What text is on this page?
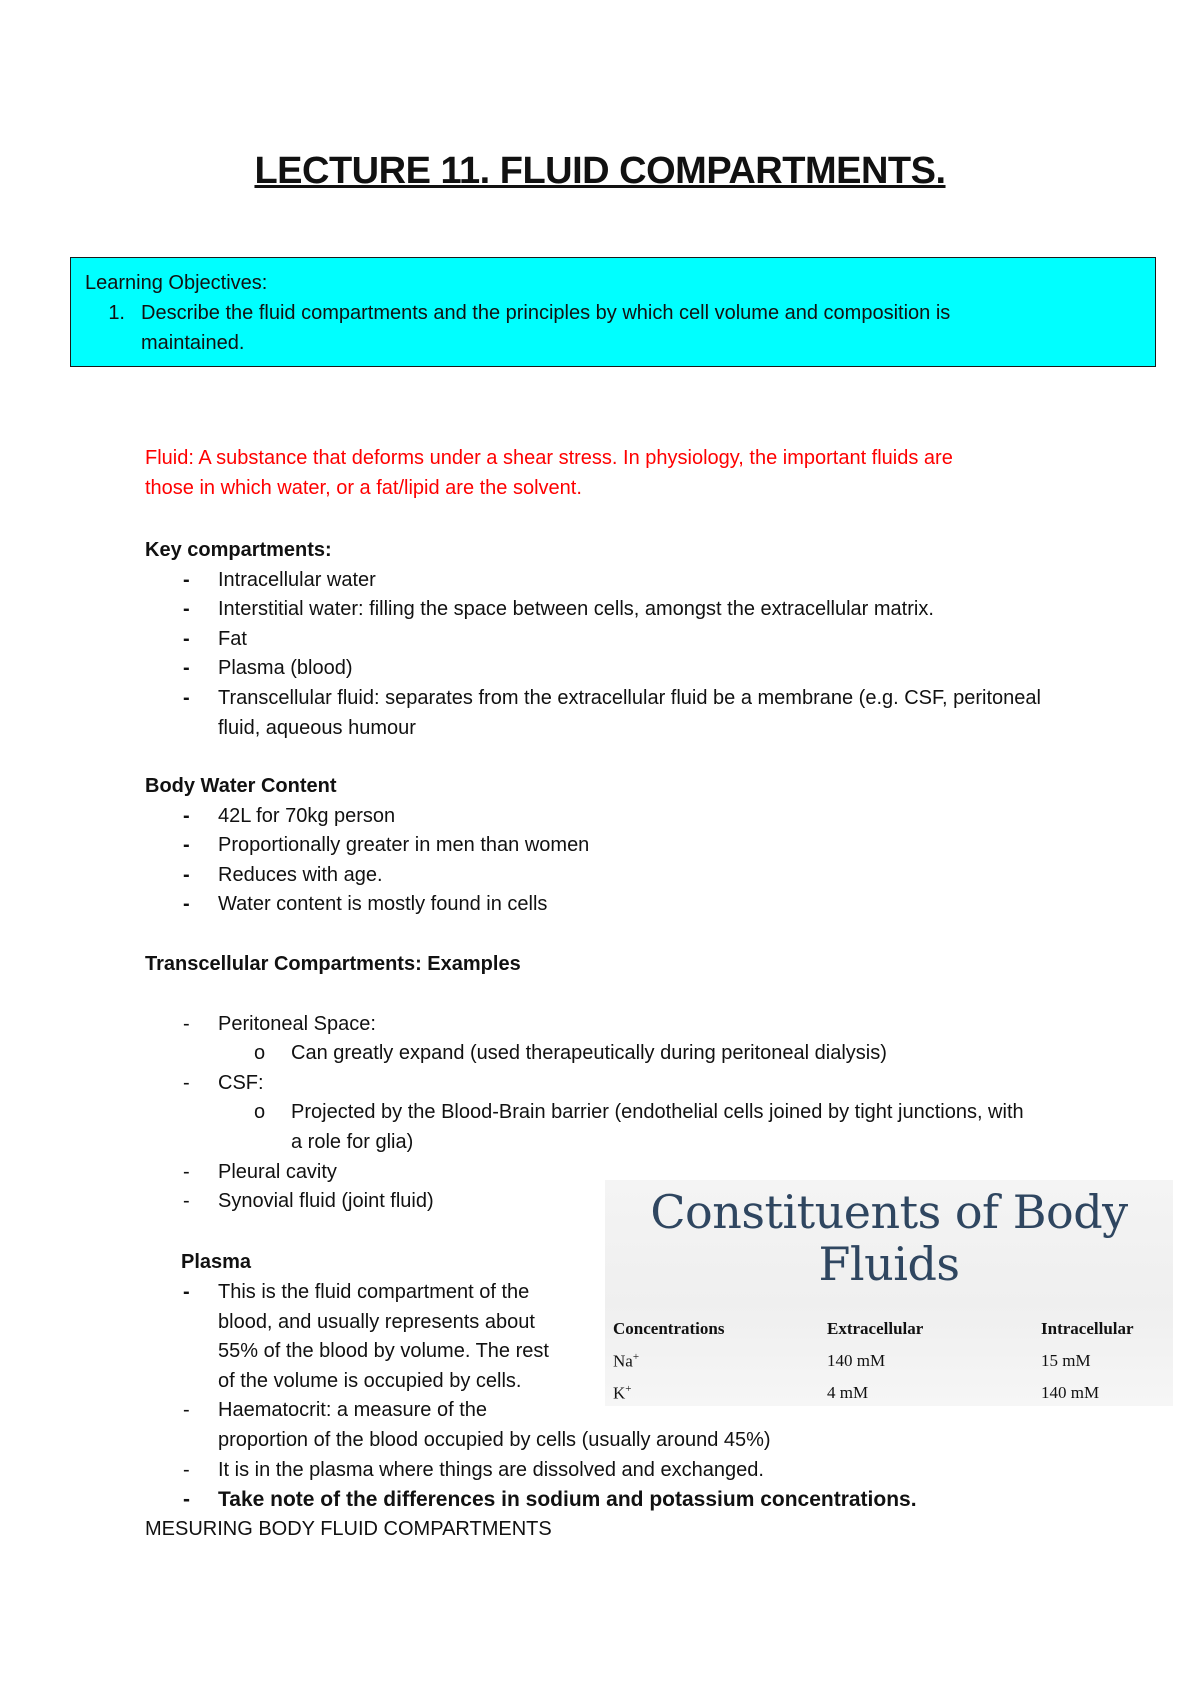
LECTURE 11. FLUID COMPARTMENTS.
Learning Objectives:
1. Describe the fluid compartments and the principles by which cell volume and composition is
maintained.
Fluid: A substance that deforms under a shear stress. In physiology, the important fluids are
those in which water, or a fat/lipid are the solvent.
Key compartments:
- Intracellular water
- Interstitial water: filling the space between cells, amongst the extracellular matrix.
- Fat
- Plasma (blood)
- Transcellular fluid: separates from the extracellular fluid be a membrane (e.g. CSF, peritoneal fluid, aqueous humour
Body Water Content
- 42L for 70kg person
- Proportionally greater in men than women
- Reduces with age.
- Water content is mostly found in cells
Transcellular Compartments: Examples
- Peritoneal Space:
o Can greatly expand (used therapeutically during peritoneal dialysis)
- CSF:
o Projected by the Blood-Brain barrier (endothelial cells joined by tight junctions, with a role for glia)
- Pleural cavity
- Synovial fluid (joint fluid)
Plasma
- This is the fluid compartment of the
blood, and usually represents about
55% of the blood by volume. The rest
of the volume is occupied by cells.
- Haematocrit: a measure of the
proportion of the blood occupied by cells (usually around 45%)
- It is in the plasma where things are dissolved and exchanged.
- Take note of the differences in sodium and potassium concentrations.
MESURING BODY FLUID COMPARTMENTS
Constituents of Body
Fluids
Concentrations	Extracellular	Intracellular
Na+	140 mM	15 mM
K+	4 mM	140 mM
